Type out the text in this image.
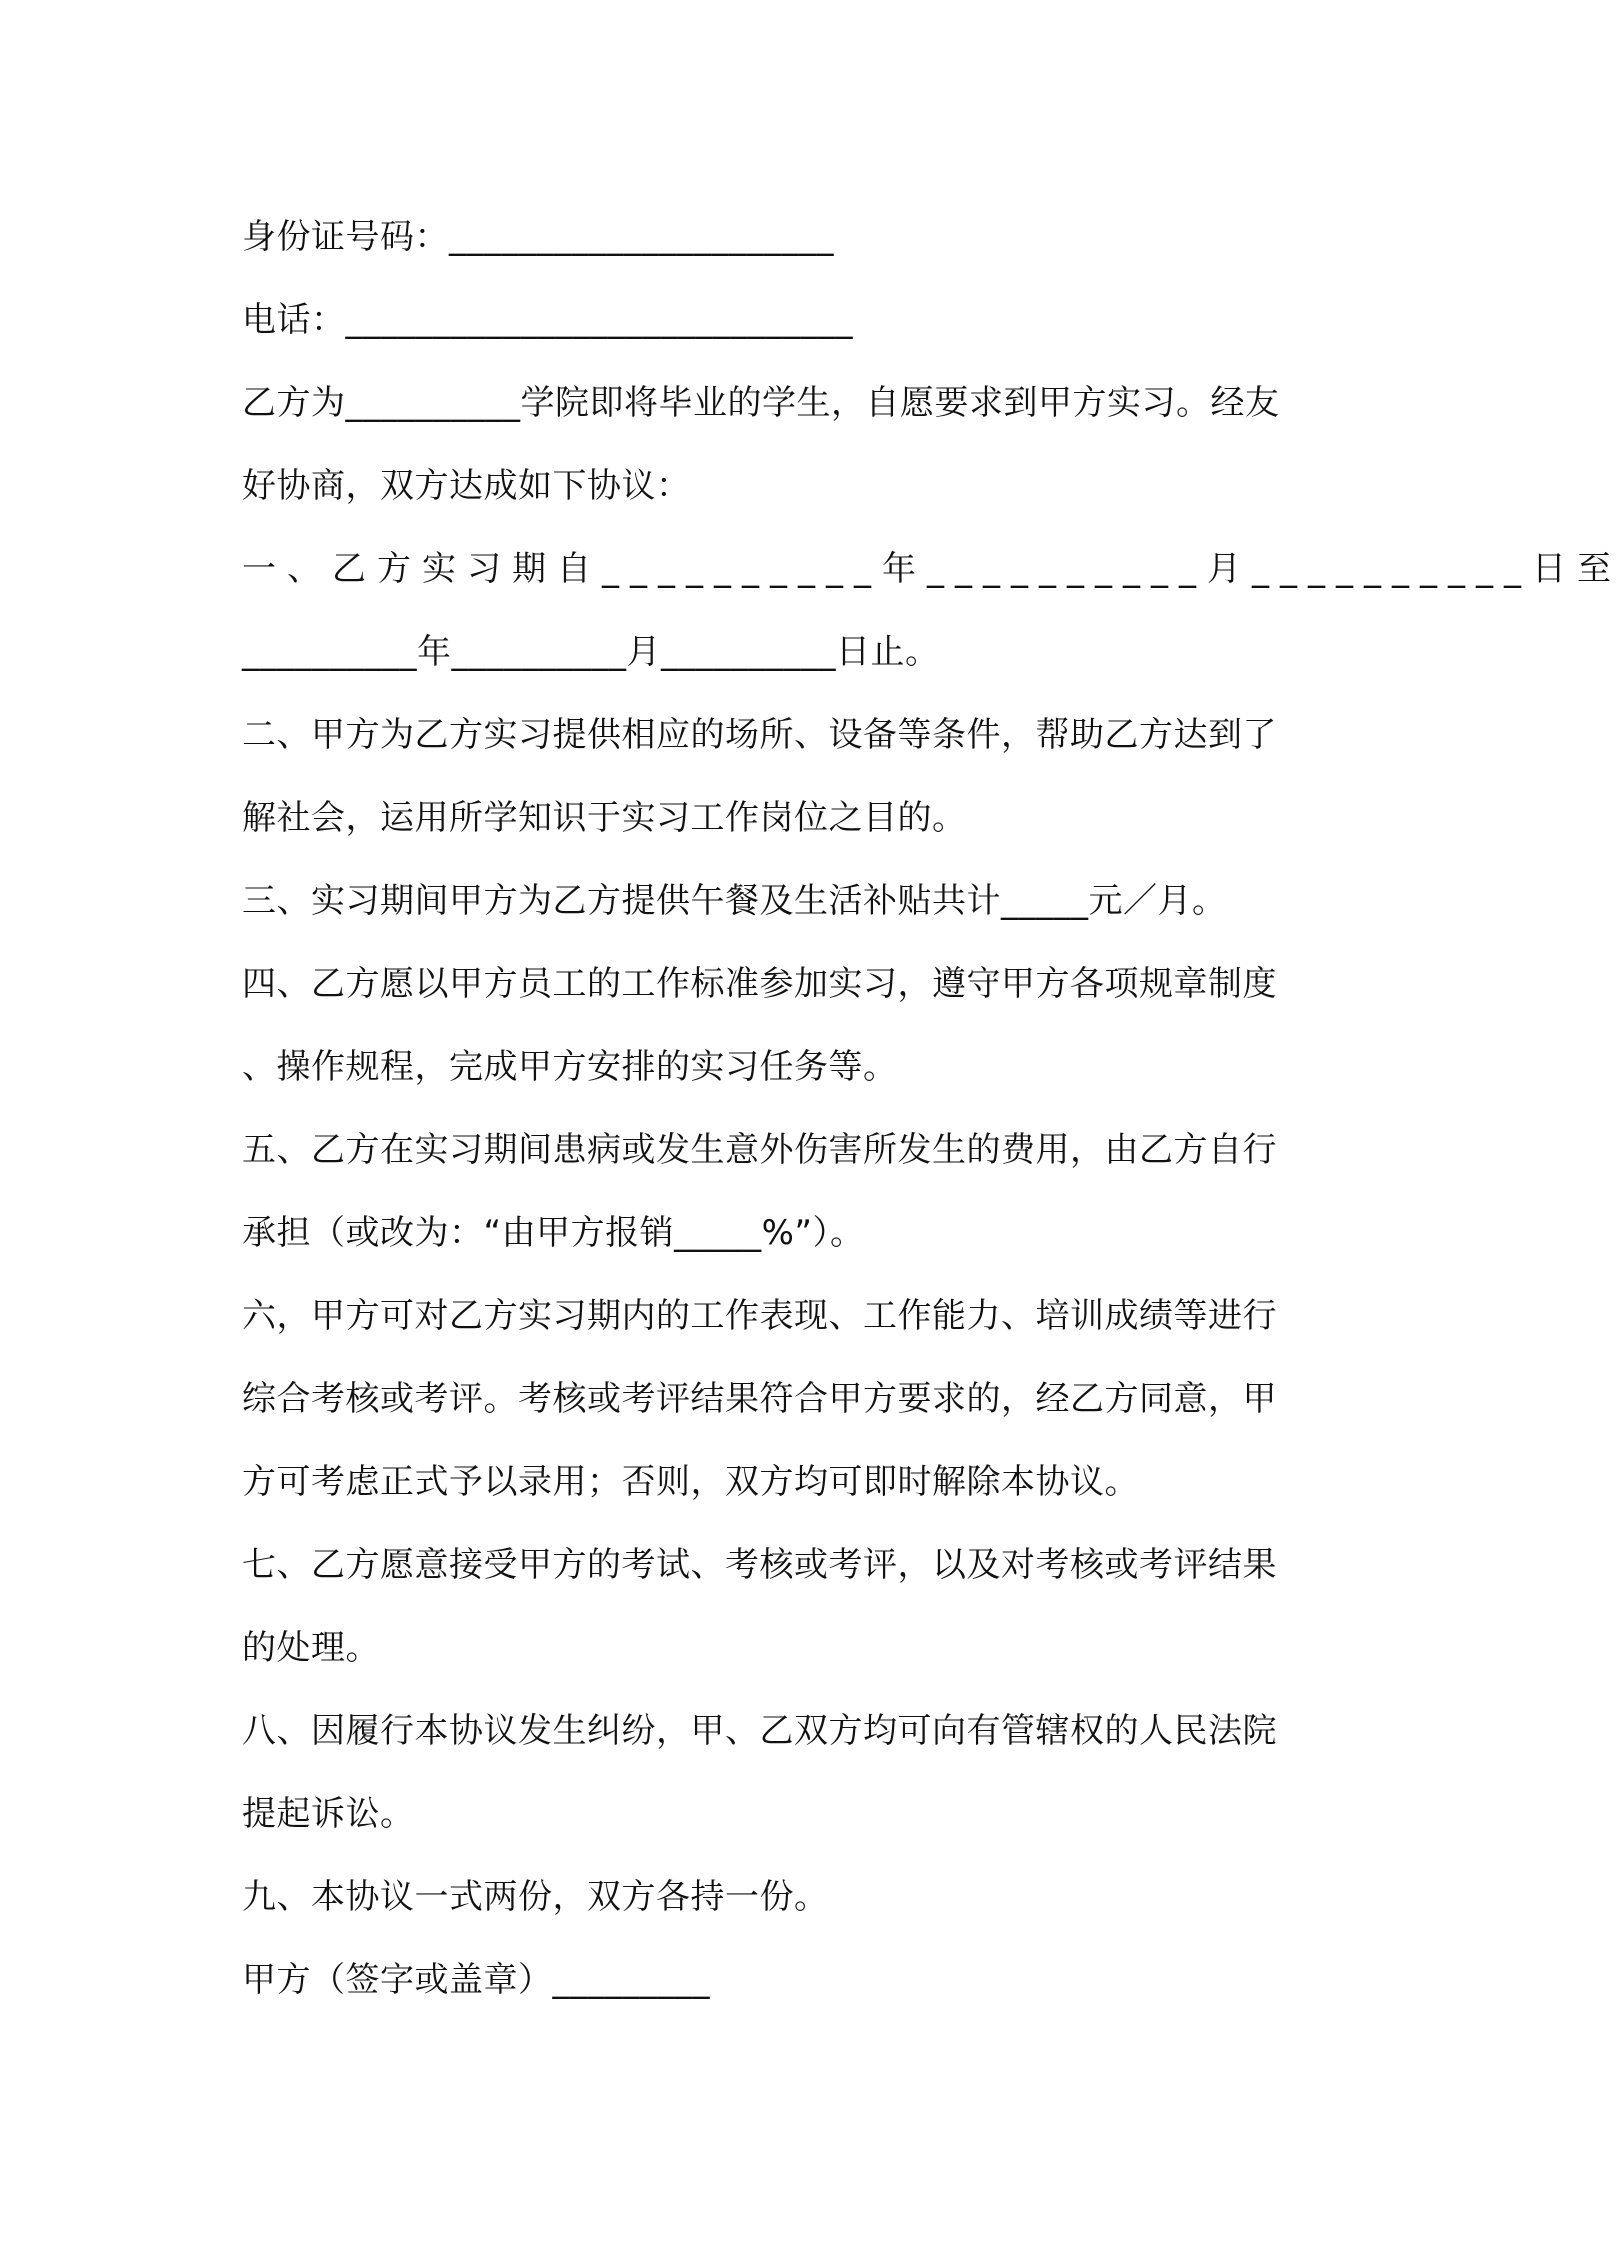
身份证号码：______________________
电话：_____________________________
乙方为__________学院即将毕业的学生，自愿要求到甲方实习。经友
好协商，双方达成如下协议：
一、乙方实习期自__________年__________月__________日至
__________年__________月__________日止。
二、甲方为乙方实习提供相应的场所、设备等条件，帮助乙方达到了
解社会，运用所学知识于实习工作岗位之目的。
三、实习期间甲方为乙方提供午餐及生活补贴共计_____元／月。
四、乙方愿以甲方员工的工作标准参加实习，遵守甲方各项规章制度
、操作规程，完成甲方安排的实习任务等。
五、乙方在实习期间患病或发生意外伤害所发生的费用，由乙方自行
承担（或改为：“由甲方报销_____%”）。
六，甲方可对乙方实习期内的工作表现、工作能力、培训成绩等进行
综合考核或考评。考核或考评结果符合甲方要求的，经乙方同意，甲
方可考虑正式予以录用；否则，双方均可即时解除本协议。
七、乙方愿意接受甲方的考试、考核或考评，以及对考核或考评结果
的处理。
八、因履行本协议发生纠纷，甲、乙双方均可向有管辖权的人民法院
提起诉讼。
九、本协议一式两份，双方各持一份。
甲方（签字或盖章）_________
